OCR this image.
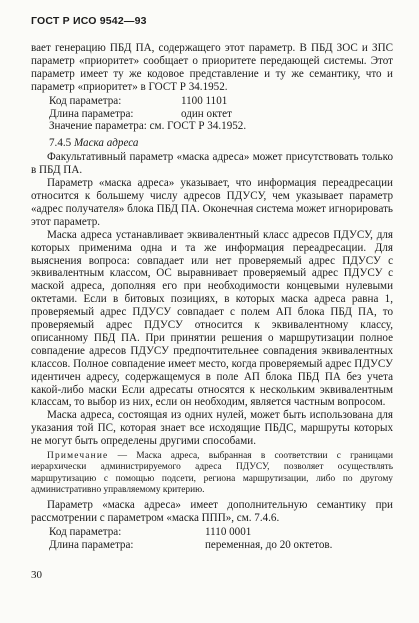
ГОСТ Р ИСО 9542—93

вает генерацию ПБД ПА, содержащего этот параметр. В ПБД ЗОС и ЗПС параметр «приоритет» сообщает о приоритете передающей системы. Этот параметр имеет ту же кодовое представление и ту же семантику, что и параметр «приоритет» в ГОСТ Р 34.1952.

Код параметра:	1100 1101
Длина параметра:	один октет
Значение параметра: см. ГОСТ Р 34.1952.
7.4.5 Маска адреса

Факультативный параметр «маска адреса» может присутствовать только в ПБД ПА.

Параметр «маска адреса» указывает, что информация переадресации относится к большему числу адресов ПДУСУ, чем указывает параметр «адрес получателя» блока ПБД ПА. Оконечная система может игнорировать этот параметр.

Маска адреса устанавливает эквивалентный класс адресов ПДУСУ, для которых применима одна и та же информация переадресации. Для выяснения вопроса: совпадает или нет проверяемый адрес ПДУСУ с эквивалентным классом, ОС выравнивает проверяемый адрес ПДУСУ с маской адреса, дополняя его при необходимости концевыми нулевыми октетами. Если в битовых позициях, в которых маска адреса равна 1, проверяемый адрес ПДУСУ совпадает с полем АП блока ПБД ПА, то проверяемый адрес ПДУСУ относится к эквивалентному классу, описанному ПБД ПА. При принятии решения о маршрутизации полное совпадение адресов ПДУСУ предпочтительнее совпадения эквивалентных классов. Полное совпадение имеет место, когда проверяемый адрес ПДУСУ идентичен адресу, содержащемуся в поле АП блока ПБД ПА без учета какой-либо маски Если адресаты относятся к нескольким эквивалентным классам, то выбор из них, если он необходим, является частным вопросом.

Маска адреса, состоящая из одних нулей, может быть использована для указания той ПС, которая знает все исходящие ПБДС, маршруты которых не могут быть определены другими способами.

Примечание — Маска адреса, выбранная в соответствии с границами иерархически администрируемого адреса ПДУСУ, позволяет осуществлять маршрутизацию с помощью подсети, региона маршрутизации, либо по другому административно управляемому критерию.

Параметр «маска адреса» имеет дополнительную семантику при рассмотрении с параметром «маска ППП», см. 7.4.6.

Код параметра:	1110 0001
Длина параметра:	переменная, до 20 октетов.
30
